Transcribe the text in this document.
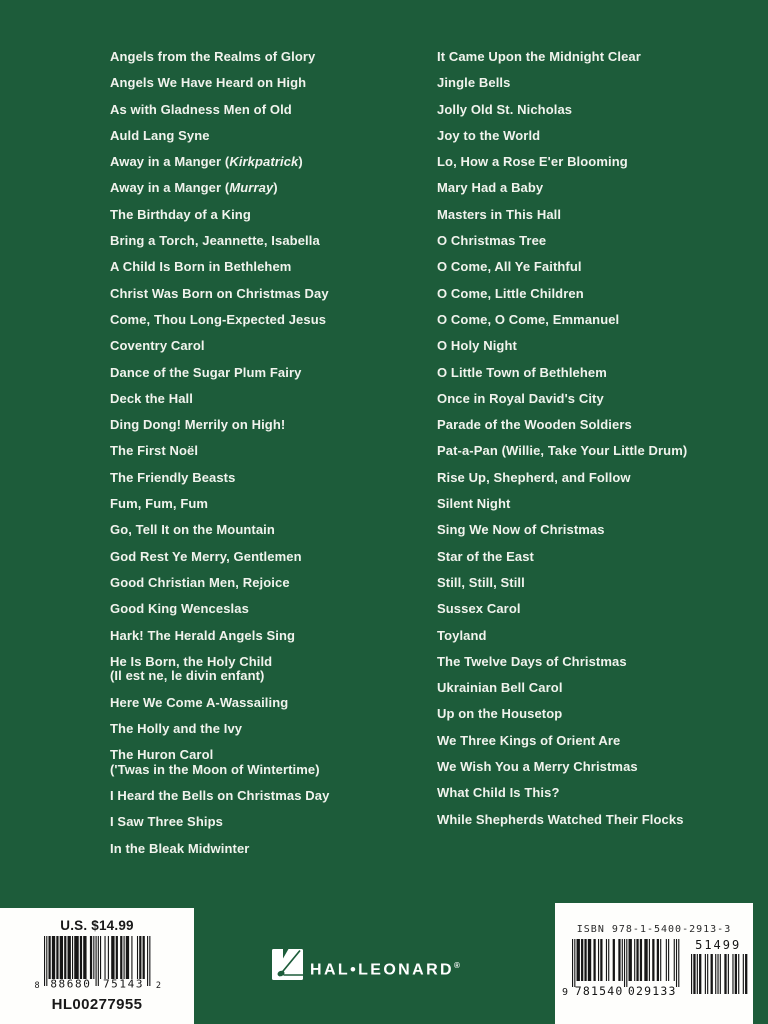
Angels from the Realms of Glory
Angels We Have Heard on High
As with Gladness Men of Old
Auld Lang Syne
Away in a Manger (Kirkpatrick)
Away in a Manger (Murray)
The Birthday of a King
Bring a Torch, Jeannette, Isabella
A Child Is Born in Bethlehem
Christ Was Born on Christmas Day
Come, Thou Long-Expected Jesus
Coventry Carol
Dance of the Sugar Plum Fairy
Deck the Hall
Ding Dong! Merrily on High!
The First Noël
The Friendly Beasts
Fum, Fum, Fum
Go, Tell It on the Mountain
God Rest Ye Merry, Gentlemen
Good Christian Men, Rejoice
Good King Wenceslas
Hark! The Herald Angels Sing
He Is Born, the Holy Child
(Il est ne, le divin enfant)
Here We Come A-Wassailing
The Holly and the Ivy
The Huron Carol
('Twas in the Moon of Wintertime)
I Heard the Bells on Christmas Day
I Saw Three Ships
In the Bleak Midwinter
It Came Upon the Midnight Clear
Jingle Bells
Jolly Old St. Nicholas
Joy to the World
Lo, How a Rose E'er Blooming
Mary Had a Baby
Masters in This Hall
O Christmas Tree
O Come, All Ye Faithful
O Come, Little Children
O Come, O Come, Emmanuel
O Holy Night
O Little Town of Bethlehem
Once in Royal David's City
Parade of the Wooden Soldiers
Pat-a-Pan (Willie, Take Your Little Drum)
Rise Up, Shepherd, and Follow
Silent Night
Sing We Now of Christmas
Star of the East
Still, Still, Still
Sussex Carol
Toyland
The Twelve Days of Christmas
Ukrainian Bell Carol
Up on the Housetop
We Three Kings of Orient Are
We Wish You a Merry Christmas
What Child Is This?
While Shepherds Watched Their Flocks
U.S. $14.99
88680 75143
8	2
HL00277955
HAL•LEONARD®
ISBN 978-1-5400-2913-3
781540 029133
9
51499
